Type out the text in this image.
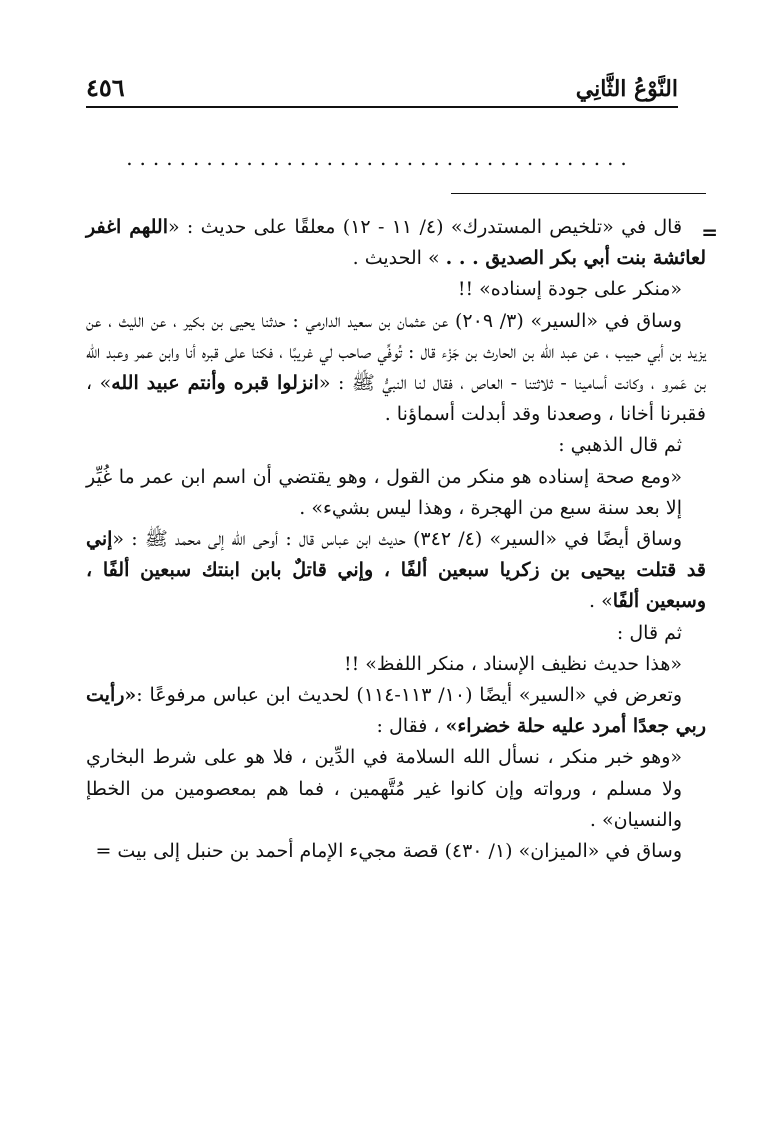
٤٥٦	النَّوْعُ الثَّانِي
......................................
=

قال في «تلخيص المستدرك» (٤/ ١١ - ١٢) معلقًا على حديث : «اللهم اغفر لعائشة بنت أبي بكر الصديق . . . » الحديث .

«منكر على جودة إسناده» !!

وساق في «السير» (٣/ ٢٠٩) عن عثمان بن سعيد الدارمي : حدثنا يحيى بن بكير ، عن الليث ، عن يزيد بن أبي حبيب ، عن عبد الله بن الحارث بن جَزْء قال : تُوفِّي صاحب لي غريبًا ، فكنا على قبره أنا وابن عمر وعبد الله بن عَمرو ، وكانت أسامينا - ثلاثتنا - العاص ، فقال لنا النبيُّ ﷺ : «انزلوا قبره وأنتم عبيد الله» ، فقبرنا أخانا ، وصعدنا وقد أبدلت أسماؤنا .

ثم قال الذهبي :

«ومع صحة إسناده هو منكر من القول ، وهو يقتضي أن اسم ابن عمر ما غُيِّر إلا بعد سنة سبع من الهجرة ، وهذا ليس بشيء» .

وساق أيضًا في «السير» (٤/ ٣٤٢) حديث ابن عباس قال : أوحى الله إلى محمد ﷺ : «إني قد قتلت بيحيى بن زكريا سبعين ألفًا ، وإني قاتلٌ بابن ابنتك سبعين ألفًا ، وسبعين ألفًا» .

ثم قال :

«هذا حديث نظيف الإسناد ، منكر اللفظ» !!

وتعرض في «السير» أيضًا (١٠/ ١١٣-١١٤) لحديث ابن عباس مرفوعًا :«رأيت ربي جعدًا أمرد عليه حلة خضراء» ، فقال :

«وهو خبر منكر ، نسأل الله السلامة في الدِّين ، فلا هو على شرط البخاري ولا مسلم ، ورواته وإن كانوا غير مُتَّهمين ، فما هم بمعصومين من الخطإ والنسيان» .

وساق في «الميزان» (١/ ٤٣٠) قصة مجيء الإمام أحمد بن حنبل إلى بيت =
